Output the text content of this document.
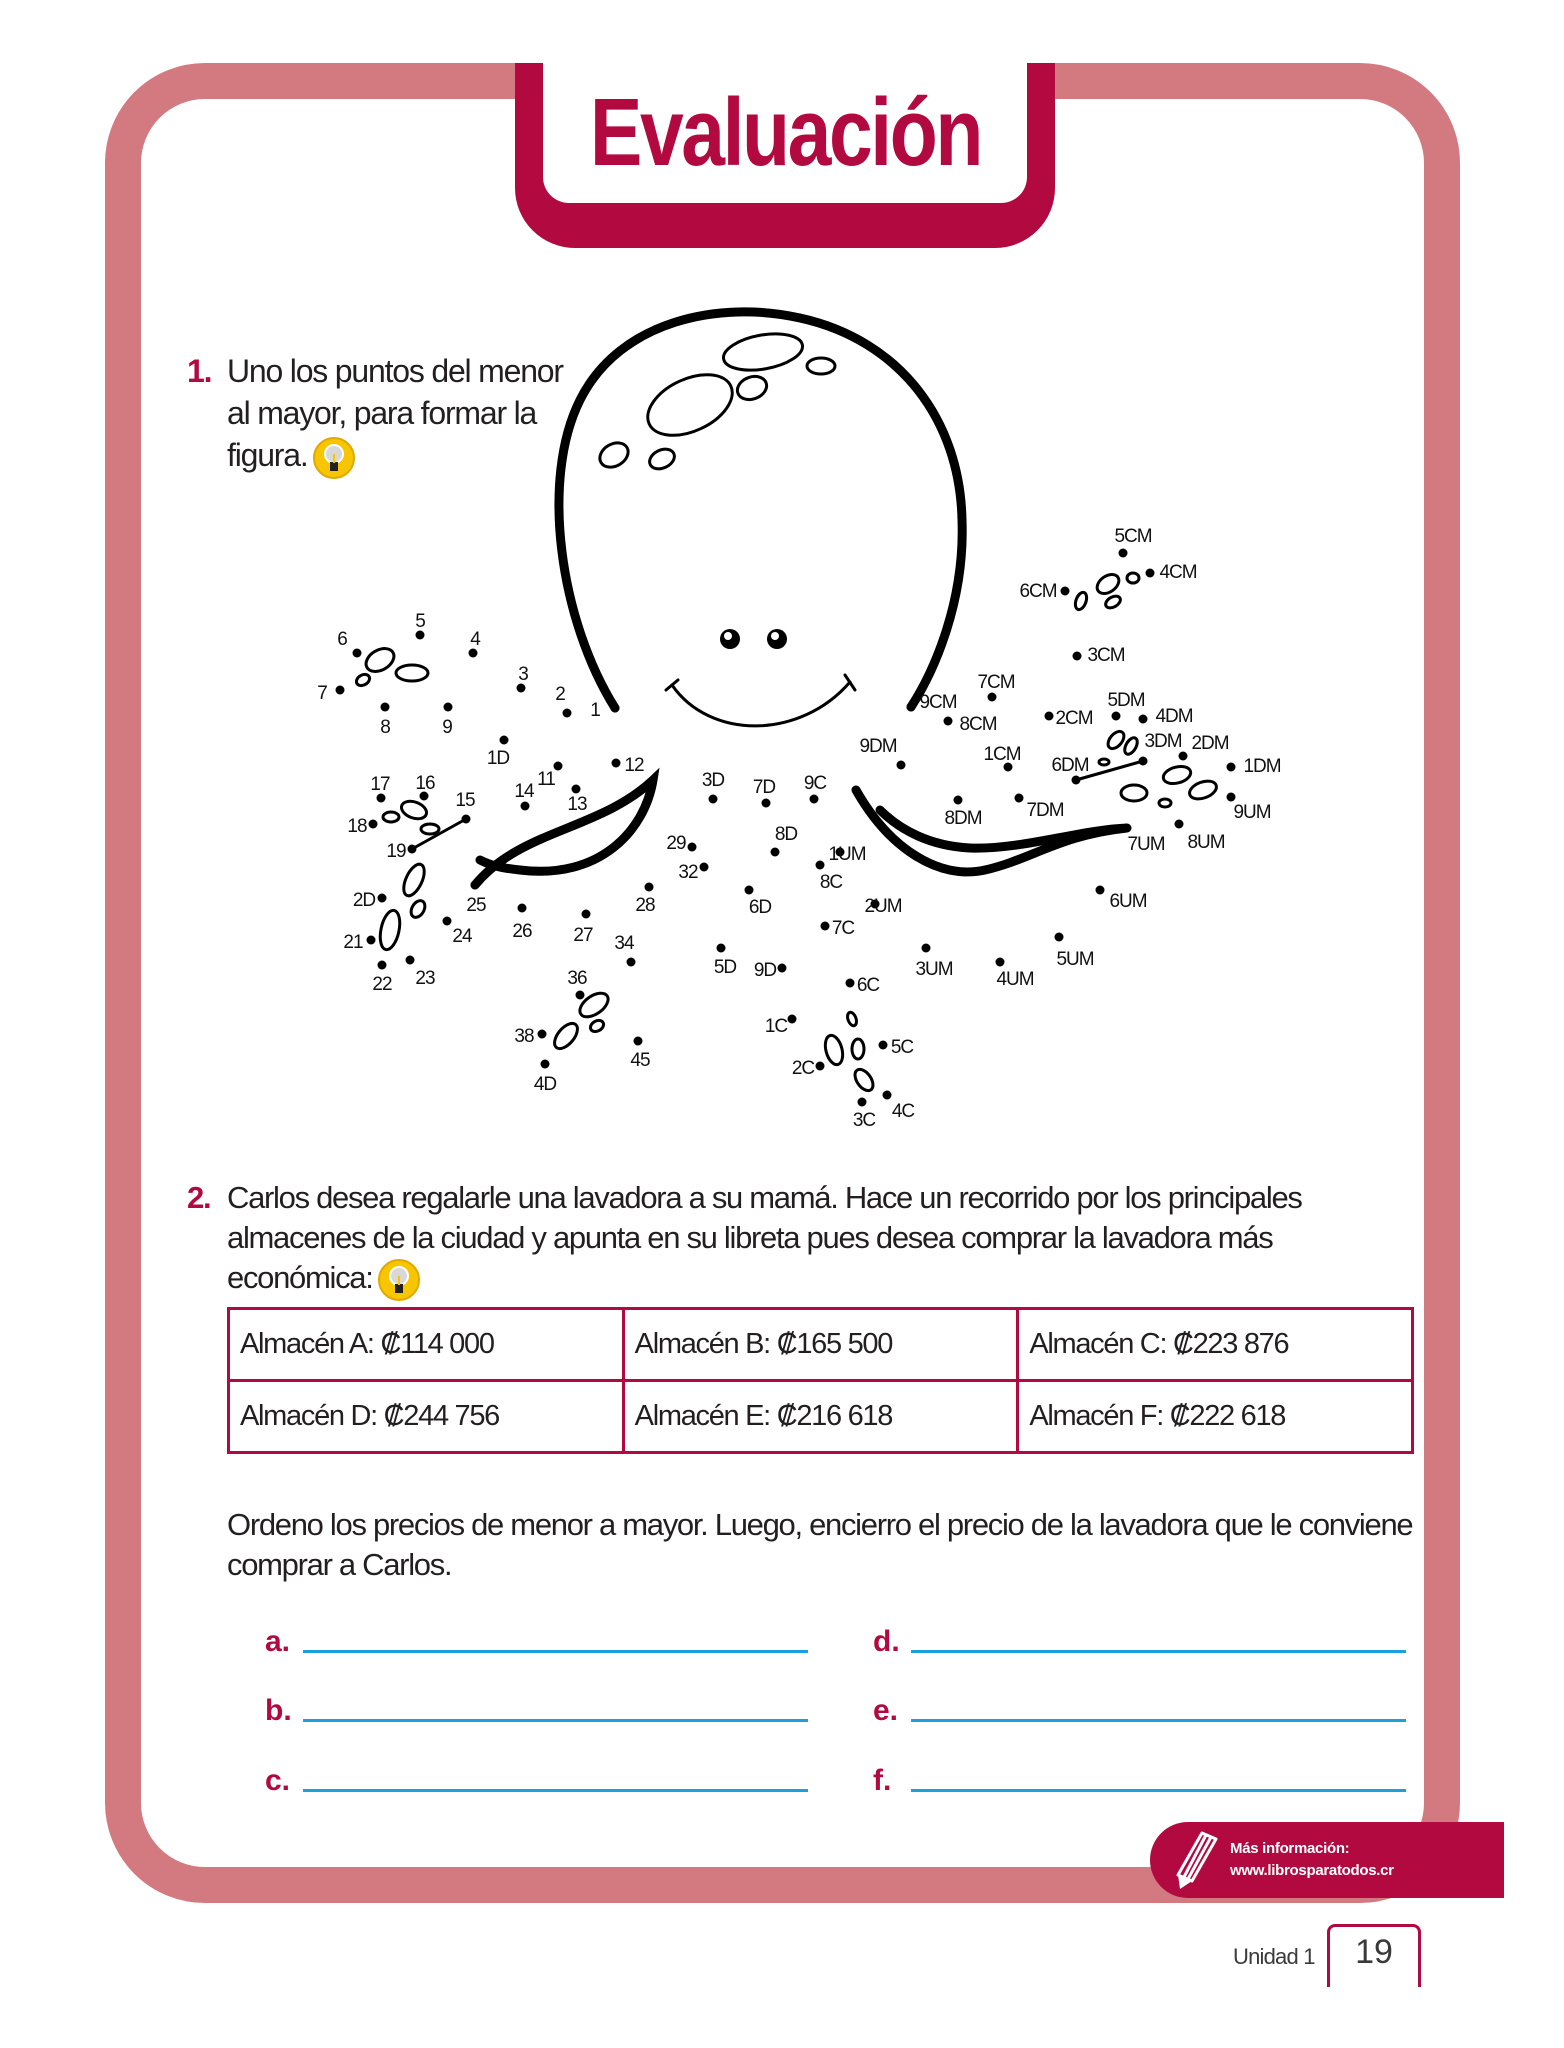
Evaluación
1. Uno los puntos del menor al mayor, para formar la figura.
1
2
3
4
5
6
7
8	9
11
12
13
14
15
16
17
18
19
21
22 23
24
25
26 27
28
29
32
34
36
38
45
1D
2D
3D
4D
5D
6D
7D
8D
9D
1C
2C
3C 4C
5C
6C
7C
8C
9C
1UM
2UM
3UM 4UM
5UM
6UM
7UM 8UM
9UM
1DM
2DM
3DM
4DM
5DM
6DM
7DM
8DM
9DM	1CM
2CM
3CM
4CM
5CM
6CM
7CM
8CM
9CM
2. Carlos desea regalarle una lavadora a su mamá. Hace un recorrido por los principales almacenes de la ciudad y apunta en su libreta pues desea comprar la lavadora más económica:
Almacén A: ₡114 000	Almacén B: ₡165 500	Almacén C: ₡223 876
Almacén D: ₡244 756	Almacén E: ₡216 618	Almacén F: ₡222 618
Ordeno los precios de menor a mayor. Luego, encierro el precio de la lavadora que le conviene comprar a Carlos.
a.
b.
c.
d.
e.
f.
Más información:
www.librosparatodos.cr
Unidad 1 19
